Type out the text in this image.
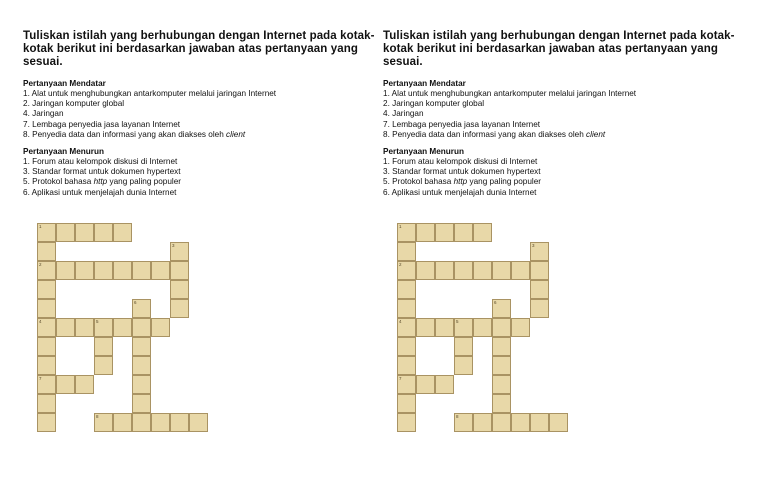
Tuliskan istilah yang berhubungan dengan Internet pada kotak-kotak berikut ini berdasarkan jawaban atas pertanyaan yang sesuai.

Pertanyaan Mendatar

1 . Alat untuk menghubungkan antarkomputer melalui jaringan Internet
2 . Jaringan komputer global
4 . Jaringan
7 . Lembaga penyedia jasa layanan Internet
8 . Penyedia data dan informasi yang akan diakses oleh client

Pertanyaan Menurun

1 . Forum atau kelompok diskusi di Internet
3 . Standar format untuk dokumen hypertext
5 . Protokol bahasa http yang paling populer
6 . Aplikasi untuk menjelajah dunia Internet
1
3
2
6
4	5
7
8

Tuliskan istilah yang berhubungan dengan Internet pada kotak-kotak berikut ini berdasarkan jawaban atas pertanyaan yang sesuai.

Pertanyaan Mendatar

1 . Alat untuk menghubungkan antarkomputer melalui jaringan Internet
2 . Jaringan komputer global
4 . Jaringan
7 . Lembaga penyedia jasa layanan Internet
8 . Penyedia data dan informasi yang akan diakses oleh client

Pertanyaan Menurun

1 . Forum atau kelompok diskusi di Internet
3 . Standar format untuk dokumen hypertext
5 . Protokol bahasa http yang paling populer
6 . Aplikasi untuk menjelajah dunia Internet
1
3
2
6
4	5
7
8
